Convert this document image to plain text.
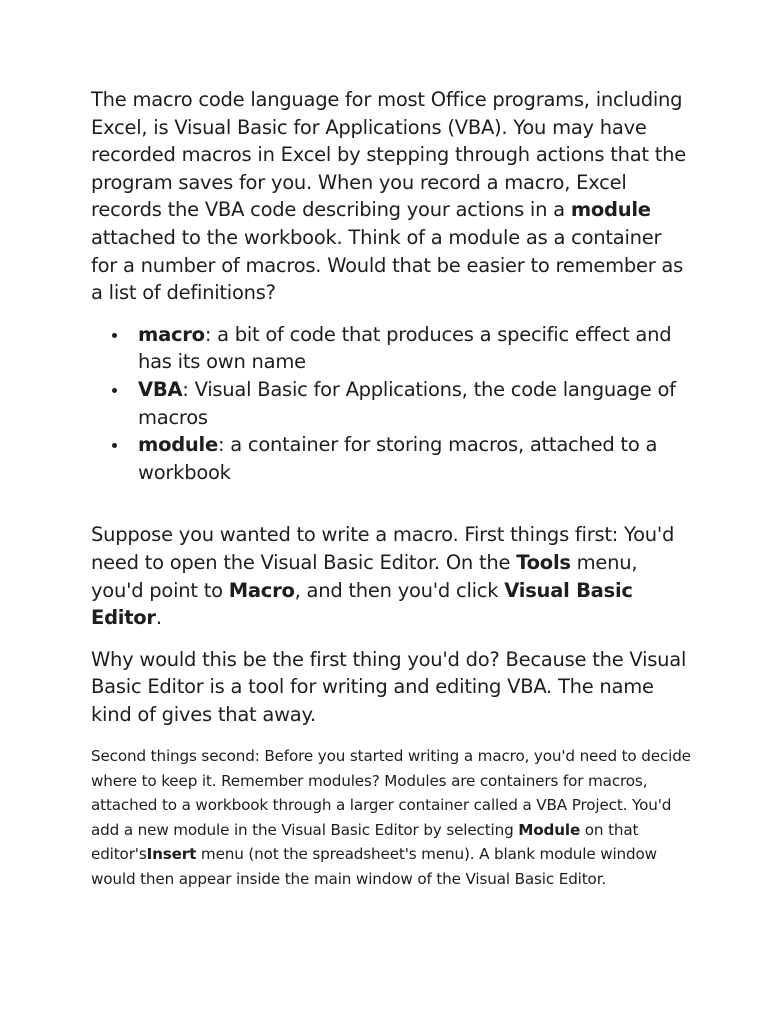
The macro code language for most Office programs, including Excel, is Visual Basic for Applications (VBA). You may have recorded macros in Excel by stepping through actions that the program saves for you. When you record a macro, Excel records the VBA code describing your actions in a module attached to the workbook. Think of a module as a container for a number of macros. Would that be easier to remember as a list of definitions?

macro: a bit of code that produces a specific effect and has its own name
VBA: Visual Basic for Applications, the code language of macros
module: a container for storing macros, attached to a workbook

Suppose you wanted to write a macro. First things first: You'd need to open the Visual Basic Editor. On the Tools menu, you'd point to Macro, and then you'd click Visual Basic Editor.

Why would this be the first thing you'd do? Because the Visual Basic Editor is a tool for writing and editing VBA. The name kind of gives that away.

Second things second: Before you started writing a macro, you'd need to decide where to keep it. Remember modules? Modules are containers for macros, attached to a workbook through a larger container called a VBA Project. You'd add a new module in the Visual Basic Editor by selecting Module on that editor'sInsert menu (not the spreadsheet's menu). A blank module window would then appear inside the main window of the Visual Basic Editor.
